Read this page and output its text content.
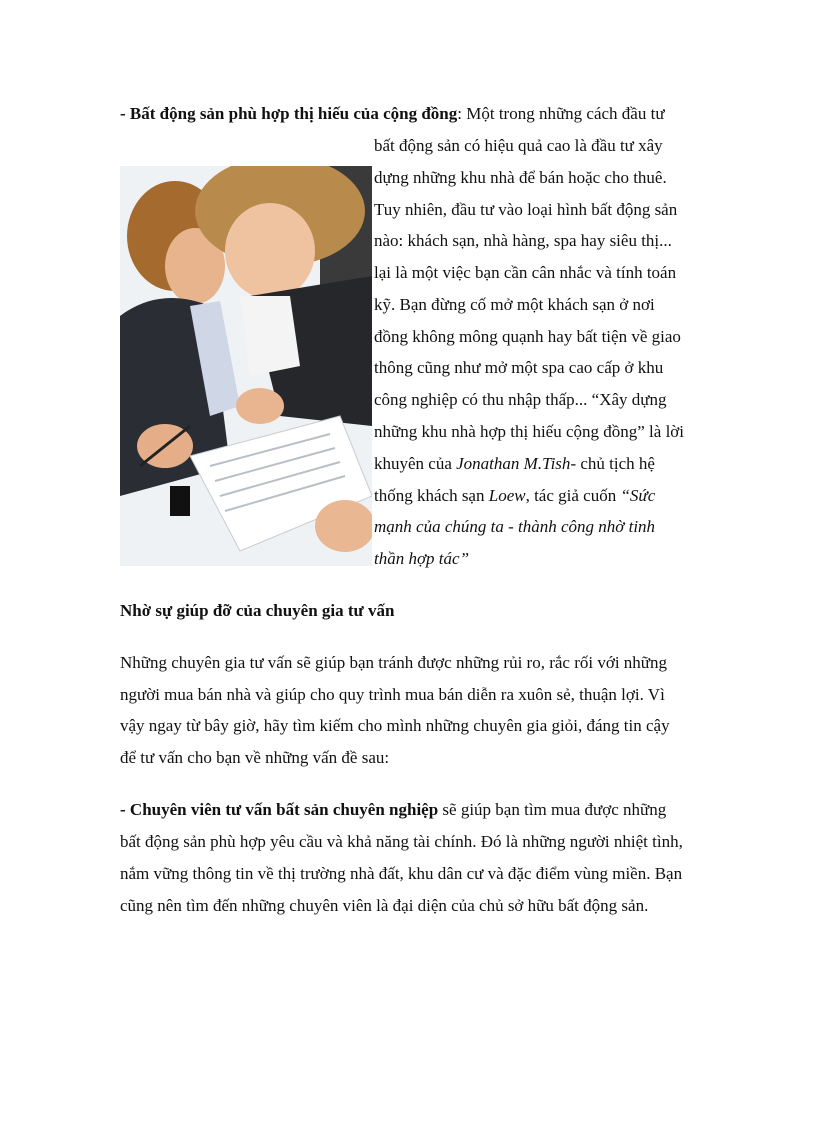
- Bất động sản phù hợp thị hiếu của cộng đồng: Một trong những cách đầu tư
bất động sản có hiệu quả cao là đầu tư xây
dựng những khu nhà để bán hoặc cho thuê.
Tuy nhiên, đầu tư vào loại hình bất động sản
nào: khách sạn, nhà hàng, spa hay siêu thị...
lại là một việc bạn cần cân nhắc và tính toán
kỹ. Bạn đừng cố mở một khách sạn ở nơi
đồng không mông quạnh hay bất tiện về giao
thông cũng như mở một spa cao cấp ở khu
công nghiệp có thu nhập thấp... “Xây dựng
những khu nhà hợp thị hiếu cộng đồng” là lời
khuyên của Jonathan M.Tish- chủ tịch hệ
thống khách sạn Loew, tác giả cuốn “Sức
mạnh của chúng ta - thành công nhờ tinh
thần hợp tác”
Nhờ sự giúp đỡ của chuyên gia tư vấn
Những chuyên gia tư vấn sẽ giúp bạn tránh được những rủi ro, rắc rối với những
người mua bán nhà và giúp cho quy trình mua bán diễn ra xuôn sẻ, thuận lợi. Vì
vậy ngay từ bây giờ, hãy tìm kiếm cho mình những chuyên gia giỏi, đáng tin cậy
để tư vấn cho bạn về những vấn đề sau:
- Chuyên viên tư vấn bất sản chuyên nghiệp sẽ giúp bạn tìm mua được những
bất động sản phù hợp yêu cầu và khả năng tài chính. Đó là những người nhiệt tình,
nắm vững thông tin về thị trường nhà đất, khu dân cư và đặc điểm vùng miền. Bạn
cũng nên tìm đến những chuyên viên là đại diện của chủ sở hữu bất động sản.
